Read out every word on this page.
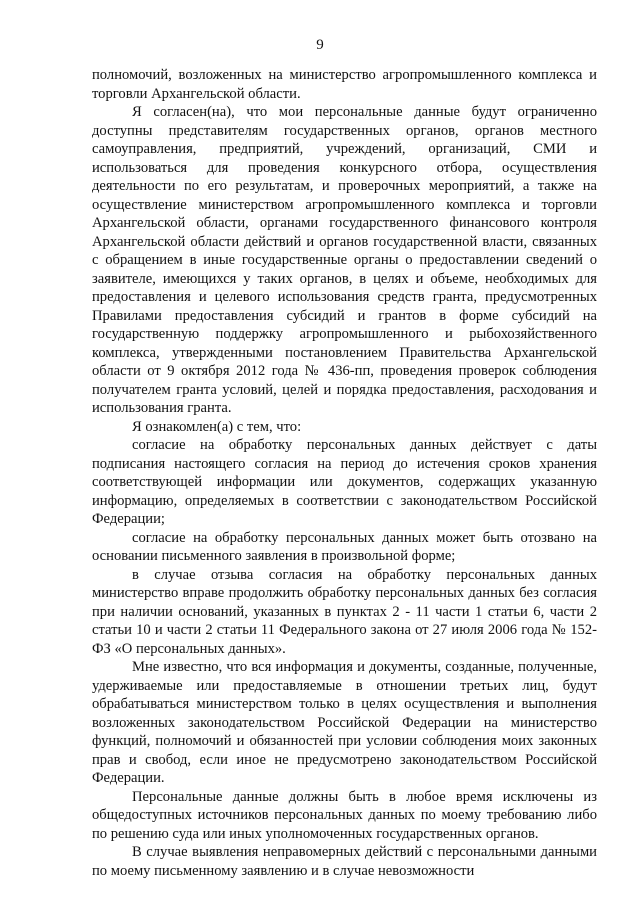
9

полномочий, возложенных на министерство агропромышленного комплекса и торговли Архангельской области.

Я согласен(на), что мои персональные данные будут ограниченно доступны представителям государственных органов, органов местного самоуправления, предприятий, учреждений, организаций, СМИ и использоваться для проведения конкурсного отбора, осуществления деятельности по его результатам, и проверочных мероприятий, а также на осуществление министерством агропромышленного комплекса и торговли Архангельской области, органами государственного финансового контроля Архангельской области действий и органов государственной власти, связанных с обращением в иные государственные органы о предоставлении сведений о заявителе, имеющихся у таких органов, в целях и объеме, необходимых для предоставления и целевого использования средств гранта, предусмотренных Правилами предоставления субсидий и грантов в форме субсидий на государственную поддержку агропромышленного и рыбохозяйственного комплекса, утвержденными постановлением Правительства Архангельской области от 9 октября 2012 года № 436-пп, проведения проверок соблюдения получателем гранта условий, целей и порядка предоставления, расходования и использования гранта.

Я ознакомлен(а) с тем, что:

согласие на обработку персональных данных действует с даты подписания настоящего согласия на период до истечения сроков хранения соответствующей информации или документов, содержащих указанную информацию, определяемых в соответствии с законодательством Российской Федерации;

согласие на обработку персональных данных может быть отозвано на основании письменного заявления в произвольной форме;

в случае отзыва согласия на обработку персональных данных министерство вправе продолжить обработку персональных данных без согласия при наличии оснований, указанных в пунктах 2 - 11 части 1 статьи 6, части 2 статьи 10 и части 2 статьи 11 Федерального закона от 27 июля 2006 года № 152-ФЗ «О персональных данных».

Мне известно, что вся информация и документы, созданные, полученные, удерживаемые или предоставляемые в отношении третьих лиц, будут обрабатываться министерством только в целях осуществления и выполнения возложенных законодательством Российской Федерации на министерство функций, полномочий и обязанностей при условии соблюдения моих законных прав и свобод, если иное не предусмотрено законодательством Российской Федерации.

Персональные данные должны быть в любое время исключены из общедоступных источников персональных данных по моему требованию либо по решению суда или иных уполномоченных государственных органов.

В случае выявления неправомерных действий с персональными данными по моему письменному заявлению и в случае невозможности
